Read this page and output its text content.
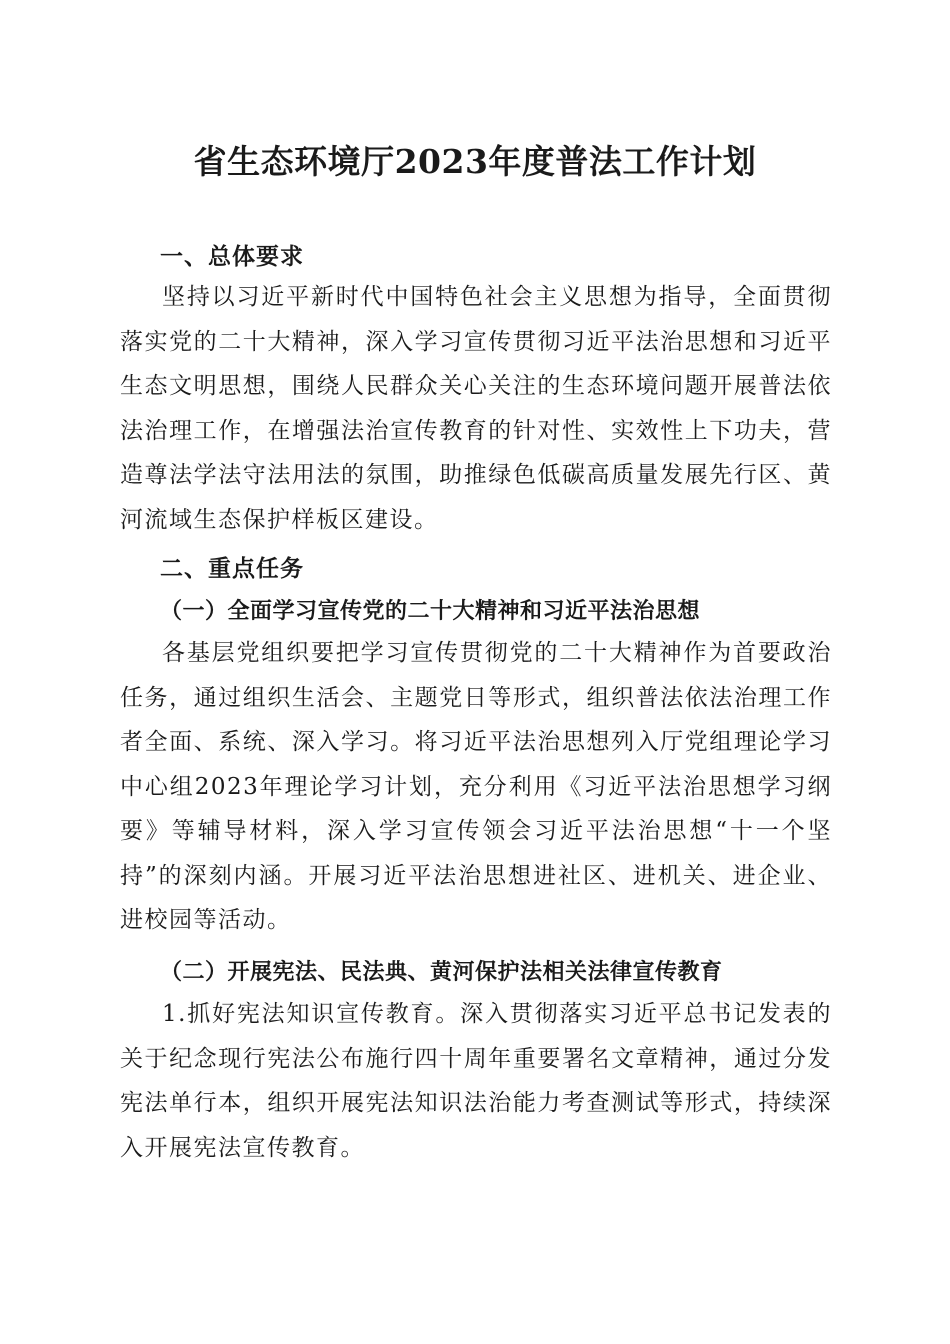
省生态环境厅2023年度普法工作计划
一、总体要求

坚持以习近平新时代中国特色社会主义思想为指导，全面贯彻落实党的二十大精神，深入学习宣传贯彻习近平法治思想和习近平生态文明思想，围绕人民群众关心关注的生态环境问题开展普法依法治理工作，在增强法治宣传教育的针对性、实效性上下功夫，营造尊法学法守法用法的氛围，助推绿色低碳高质量发展先行区、黄河流域生态保护样板区建设。

二、重点任务
（一）全面学习宣传党的二十大精神和习近平法治思想

各基层党组织要把学习宣传贯彻党的二十大精神作为首要政治任务，通过组织生活会、主题党日等形式，组织普法依法治理工作者全面、系统、深入学习。将习近平法治思想列入厅党组理论学习中心组2023年理论学习计划，充分利用《习近平法治思想学习纲要》等辅导材料，深入学习宣传领会习近平法治思想“十一个坚持”的深刻内涵。开展习近平法治思想进社区、进机关、进企业、进校园等活动。

（二）开展宪法、民法典、黄河保护法相关法律宣传教育

1.抓好宪法知识宣传教育。深入贯彻落实习近平总书记发表的关于纪念现行宪法公布施行四十周年重要署名文章精神，通过分发宪法单行本，组织开展宪法知识法治能力考查测试等形式，持续深入开展宪法宣传教育。
